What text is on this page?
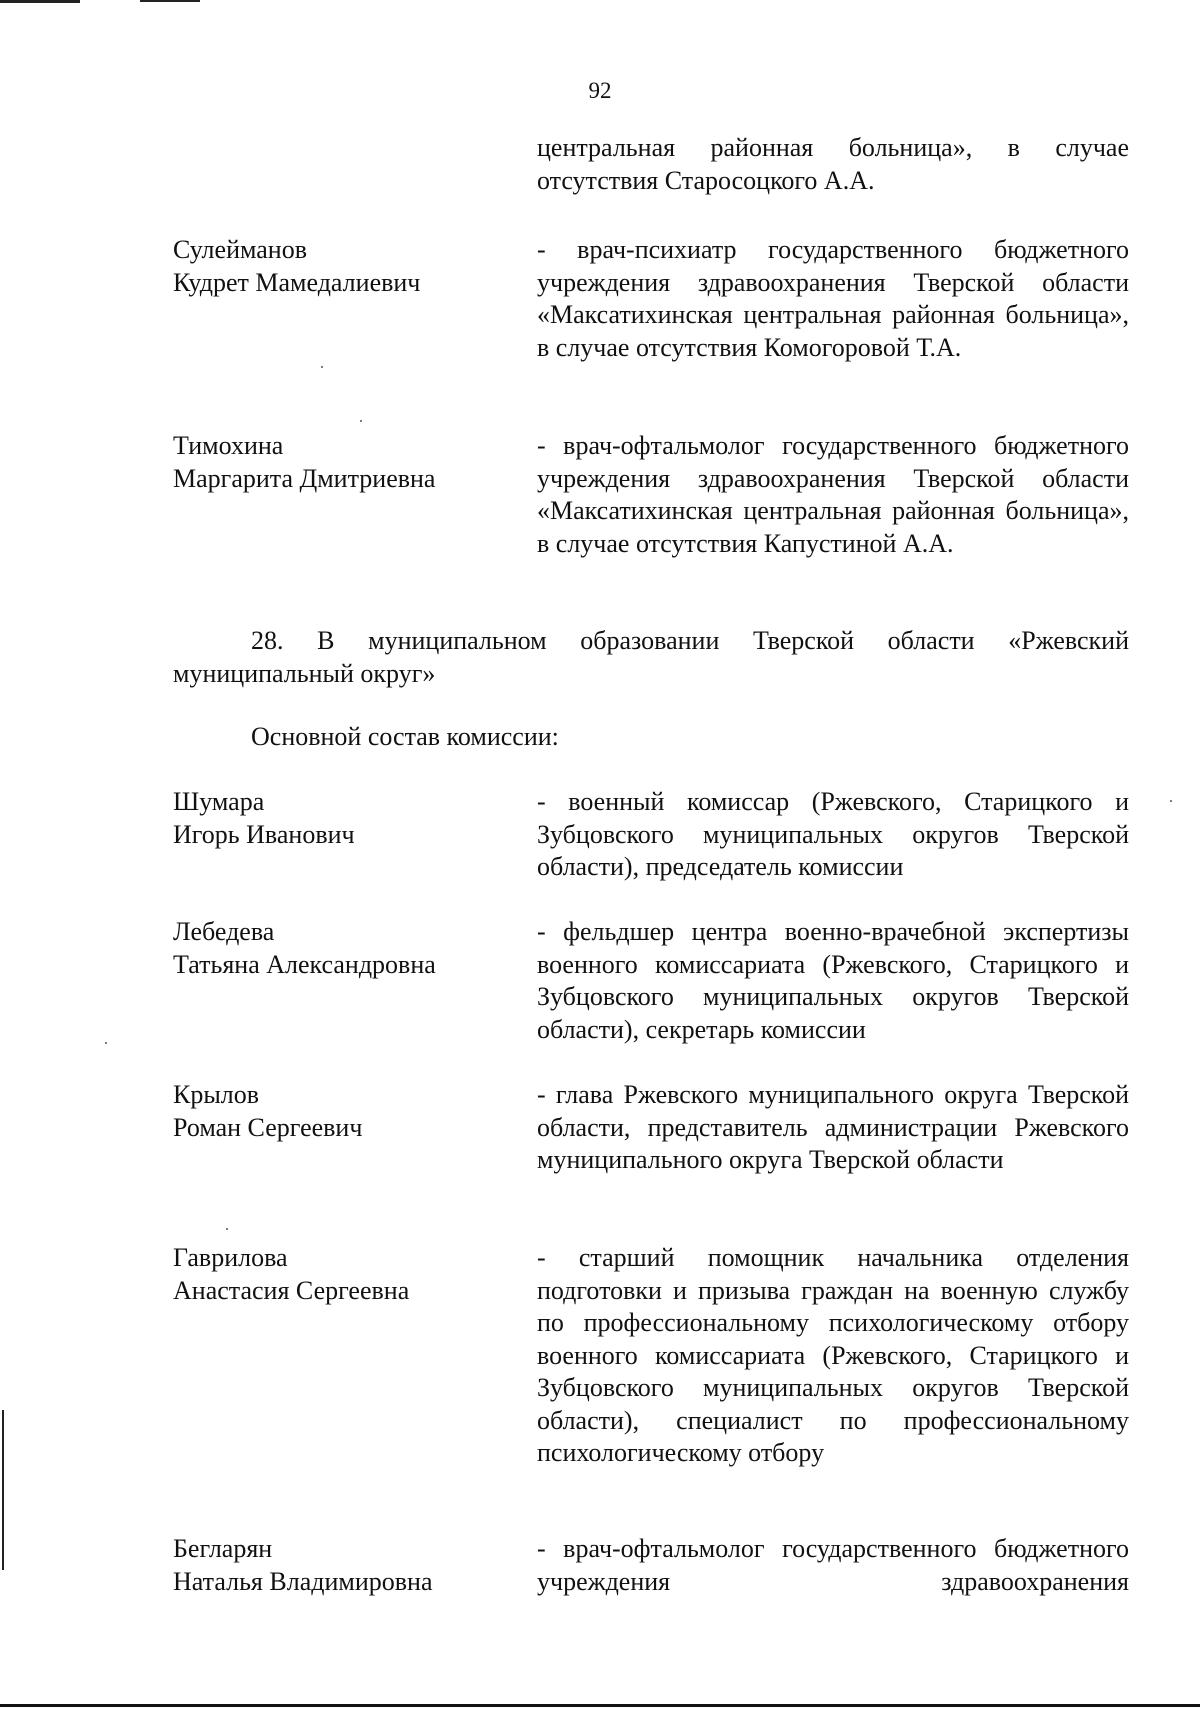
92
центральная районная больница», в случае отсутствия Старосоцкого А.А.
Сулейманов
Кудрет Мамедалиевич
- врач-психиатр государственного бюджетного учреждения здравоохранения Тверской области «Максатихинская центральная районная больница», в случае отсутствия Комогоровой Т.А.
Тимохина
Маргарита Дмитриевна
- врач-офтальмолог государственного бюджетного учреждения здравоохранения Тверской области «Максатихинская центральная районная больница», в случае отсутствия Капустиной А.А.
28. В муниципальном образовании Тверской области «Ржевский муниципальный округ»
Основной состав комиссии:
Шумара
Игорь Иванович
- военный комиссар (Ржевского, Старицкого и Зубцовского муниципальных округов Тверской области), председатель комиссии
Лебедева
Татьяна Александровна
- фельдшер центра военно-врачебной экспертизы военного комиссариата (Ржевского, Старицкого и Зубцовского муниципальных округов Тверской области), секретарь комиссии
Крылов
Роман Сергеевич
- глава Ржевского муниципального округа Тверской области, представитель администрации Ржевского муниципального округа Тверской области
Гаврилова
Анастасия Сергеевна
- старший помощник начальника отделения подготовки и призыва граждан на военную службу по профессиональному психологическому отбору военного комиссариата (Ржевского, Старицкого и Зубцовского муниципальных округов Тверской области), специалист по профессиональному психологическому отбору
Бегларян
Наталья Владимировна
- врач-офтальмолог государственного бюджетного учреждения здравоохранения
